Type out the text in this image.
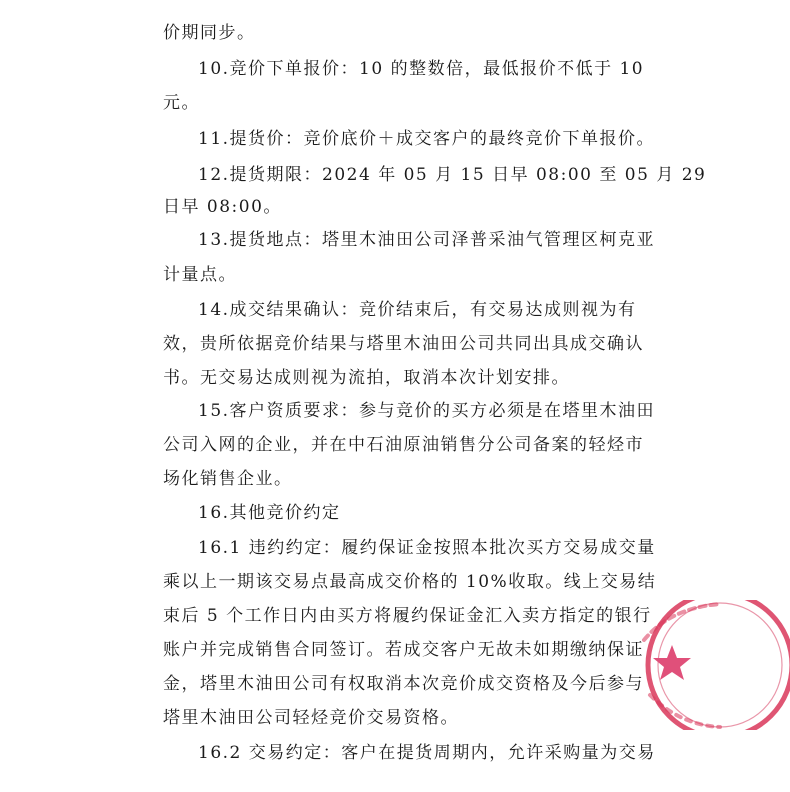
价期同步。
10.竞价下单报价：10 的整数倍，最低报价不低于 10
元。
11.提货价：竞价底价＋成交客户的最终竞价下单报价。
12.提货期限：2024 年 05 月 15 日早 08:00 至 05 月 29
日早 08:00。
13.提货地点：塔里木油田公司泽普采油气管理区柯克亚
计量点。
14.成交结果确认：竞价结束后，有交易达成则视为有
效，贵所依据竞价结果与塔里木油田公司共同出具成交确认
书。无交易达成则视为流拍，取消本次计划安排。
15.客户资质要求：参与竞价的买方必须是在塔里木油田
公司入网的企业，并在中石油原油销售分公司备案的轻烃市
场化销售企业。
16.其他竞价约定
16.1 违约约定：履约保证金按照本批次买方交易成交量
乘以上一期该交易点最高成交价格的 10%收取。线上交易结
束后 5 个工作日内由买方将履约保证金汇入卖方指定的银行
账户并完成销售合同签订。若成交客户无故未如期缴纳保证
金，塔里木油田公司有权取消本次竞价成交资格及今后参与
塔里木油田公司轻烃竞价交易资格。
16.2 交易约定：客户在提货周期内，允许采购量为交易
